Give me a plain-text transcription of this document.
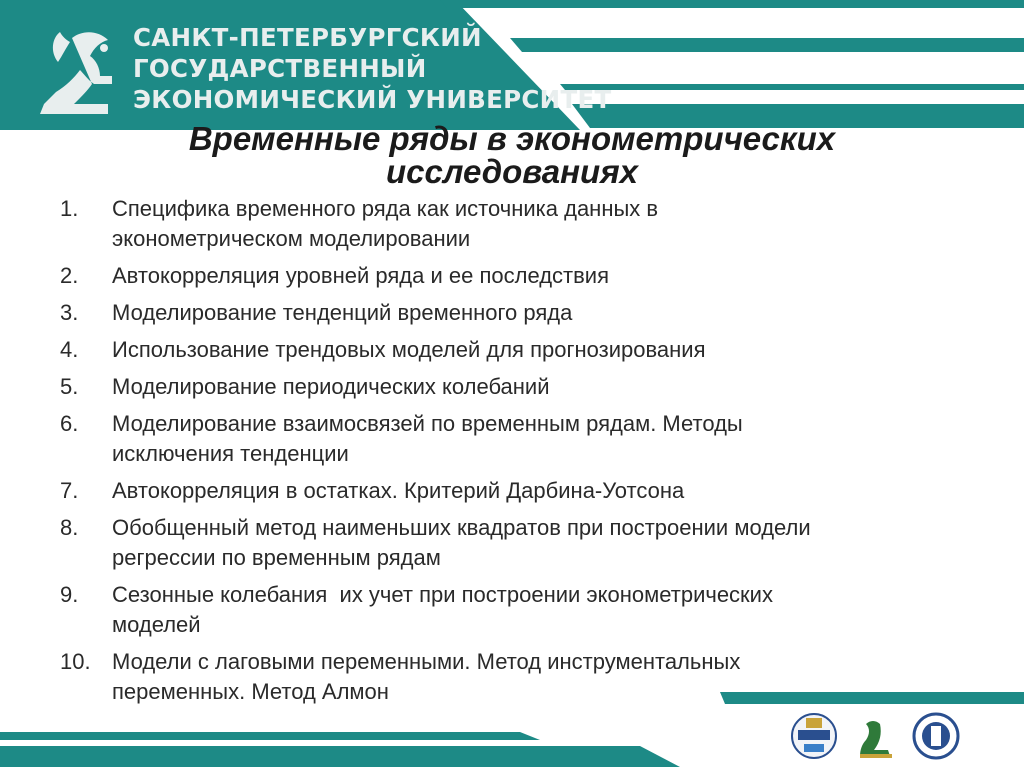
САНКТ-ПЕТЕРБУРГСКИЙ
ГОСУДАРСТВЕННЫЙ
ЭКОНОМИЧЕСКИЙ УНИВЕРСИТЕТ
Временные ряды в эконометрических
исследованиях
1. Специфика временного ряда как источника данных в
эконометрическом моделировании
2. Автокорреляция уровней ряда и ее последствия
3. Моделирование тенденций временного ряда
4. Использование трендовых моделей для прогнозирования
5. Моделирование периодических колебаний
6. Моделирование взаимосвязей по временным рядам. Методы
исключения тенденции
7. Автокорреляция в остатках. Критерий Дарбина-Уотсона
8. Обобщенный метод наименьших квадратов при построении модели
регрессии по временным рядам
9. Сезонные колебания  их учет при построении эконометрических
моделей
10. Модели с лаговыми переменными. Метод инструментальных
переменных. Метод Алмон
